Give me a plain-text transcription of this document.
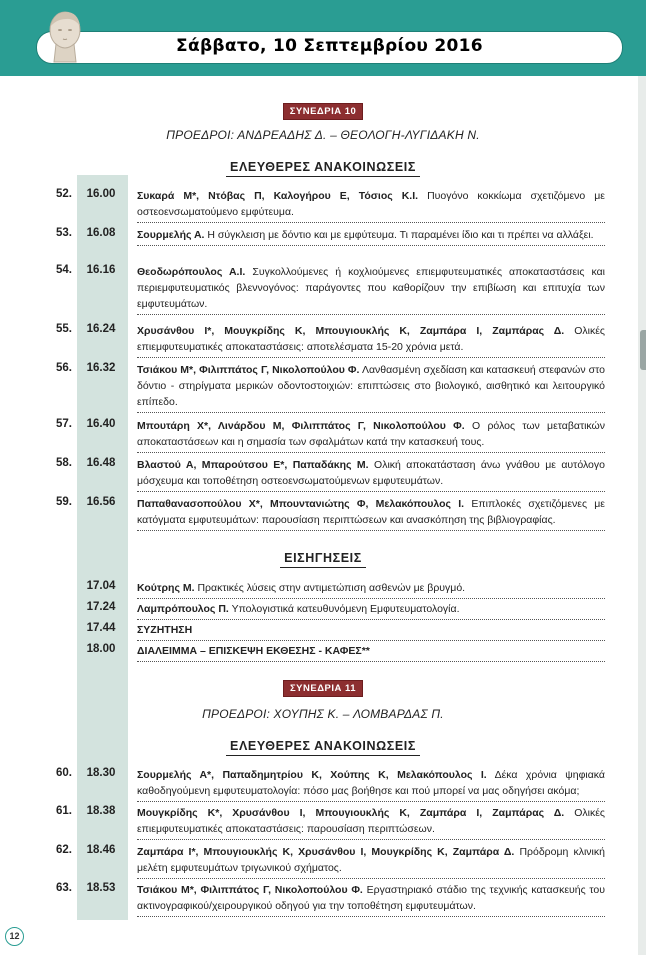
Σάββατο, 10 Σεπτεμβρίου 2016
ΣΥΝΕΔΡΙΑ 10
ΠΡΟΕΔΡΟΙ: ΑΝΔΡΕΑΔΗΣ Δ. – ΘΕΟΛΟΓΗ-ΛΥΓΙΔΑΚΗ Ν.
ΕΛΕΥΘΕΡΕΣ ΑΝΑΚΟΙΝΩΣΕΙΣ
52.	16.00	Συκαρά Μ*, Ντόβας Π, Καλογήρου Ε, Τόσιος Κ.Ι. Πυογόνο κοκκίωμα σχετιζόμενο με οστεοενσωματούμενο εμφύτευμα.
53.	16.08	Σουρμελής Α. Η σύγκλειση με δόντιο και με εμφύτευμα. Τι παραμένει ίδιο και τι πρέπει να αλλάξει.
54.	16.16	Θεοδωρόπουλος Α.Ι. Συγκολλούμενες ή κοχλιούμενες επιεμφυτευματικές αποκαταστάσεις και περιεμφυτευματικός βλεννογόνος: παράγοντες που καθορίζουν την επιβίωση και επιτυχία των εμφυτευμάτων.
55.	16.24	Χρυσάνθου Ι*, Μουγκρίδης Κ, Μπουγιουκλής Κ, Ζαμπάρα Ι, Ζαμπάρας Δ. Ολικές επιεμφυτευματικές αποκαταστάσεις: αποτελέσματα 15-20 χρόνια μετά.
56.	16.32	Τσιάκου Μ*, Φιλιππάτος Γ, Νικολοπούλου Φ. Λανθασμένη σχεδίαση και κατασκευή στεφανών στο δόντιο - στηρίγματα μερικών οδοντοστοιχιών: επιπτώσεις στο βιολογικό, αισθητικό και λειτουργικό επίπεδο.
57.	16.40	Μπουτάρη Χ*, Λινάρδου Μ, Φιλιππάτος Γ, Νικολοπούλου Φ. Ο ρόλος των μεταβατικών αποκαταστάσεων και η σημασία των σφαλμάτων κατά την κατασκευή τους.
58.	16.48	Βλαστού Α, Μπαρούτσου Ε*, Παπαδάκης Μ. Ολική αποκατάσταση άνω γνάθου με αυτόλογο μόσχευμα και τοποθέτηση οστεοενσωματούμενων εμφυτευμάτων.
59.	16.56	Παπαθανασοπούλου Χ*, Μπουντανιώτης Φ, Μελακόπουλος Ι. Επιπλοκές σχετιζόμενες με κατόγματα εμφυτευμάτων: παρουσίαση περιπτώσεων και ανασκόπηση της βιβλιογραφίας.
ΕΙΣΗΓΗΣΕΙΣ
17.04	Κούτρης Μ. Πρακτικές λύσεις στην αντιμετώπιση ασθενών με βρυγμό.
17.24	Λαμπρόπουλος Π. Υπολογιστικά κατευθυνόμενη Εμφυτευματολογία.
17.44	ΣΥΖΗΤΗΣΗ
18.00	ΔΙΑΛΕΙΜΜΑ – ΕΠΙΣΚΕΨΗ ΕΚΘΕΣΗΣ - ΚΑΦΕΣ**
ΣΥΝΕΔΡΙΑ 11
ΠΡΟΕΔΡΟΙ: ΧΟΥΠΗΣ Κ. – ΛΟΜΒΑΡΔΑΣ Π.
ΕΛΕΥΘΕΡΕΣ ΑΝΑΚΟΙΝΩΣΕΙΣ
60.	18.30	Σουρμελής Α*, Παπαδημητρίου Κ, Χούπης Κ, Μελακόπουλος Ι. Δέκα χρόνια ψηφιακά καθοδηγούμενη εμφυτευματολογία: πόσο μας βοήθησε και πού μπορεί να μας οδηγήσει ακόμα;
61.	18.38	Μουγκρίδης Κ*, Χρυσάνθου Ι, Μπουγιουκλής Κ, Ζαμπάρα Ι, Ζαμπάρας Δ. Ολικές επιεμφυτευματικές αποκαταστάσεις: παρουσίαση περιπτώσεων.
62.	18.46	Ζαμπάρα Ι*, Μπουγιουκλής Κ, Χρυσάνθου Ι, Μουγκρίδης Κ, Ζαμπάρα Δ. Πρόδρομη κλινική μελέτη εμφυτευμάτων τριγωνικού σχήματος.
63.	18.53	Τσιάκου Μ*, Φιλιππάτος Γ, Νικολοπούλου Φ. Εργαστηριακό στάδιο της τεχνικής κατασκευής του ακτινογραφικού/χειρουργικού οδηγού για την τοποθέτηση εμφυτευμάτων.
12
